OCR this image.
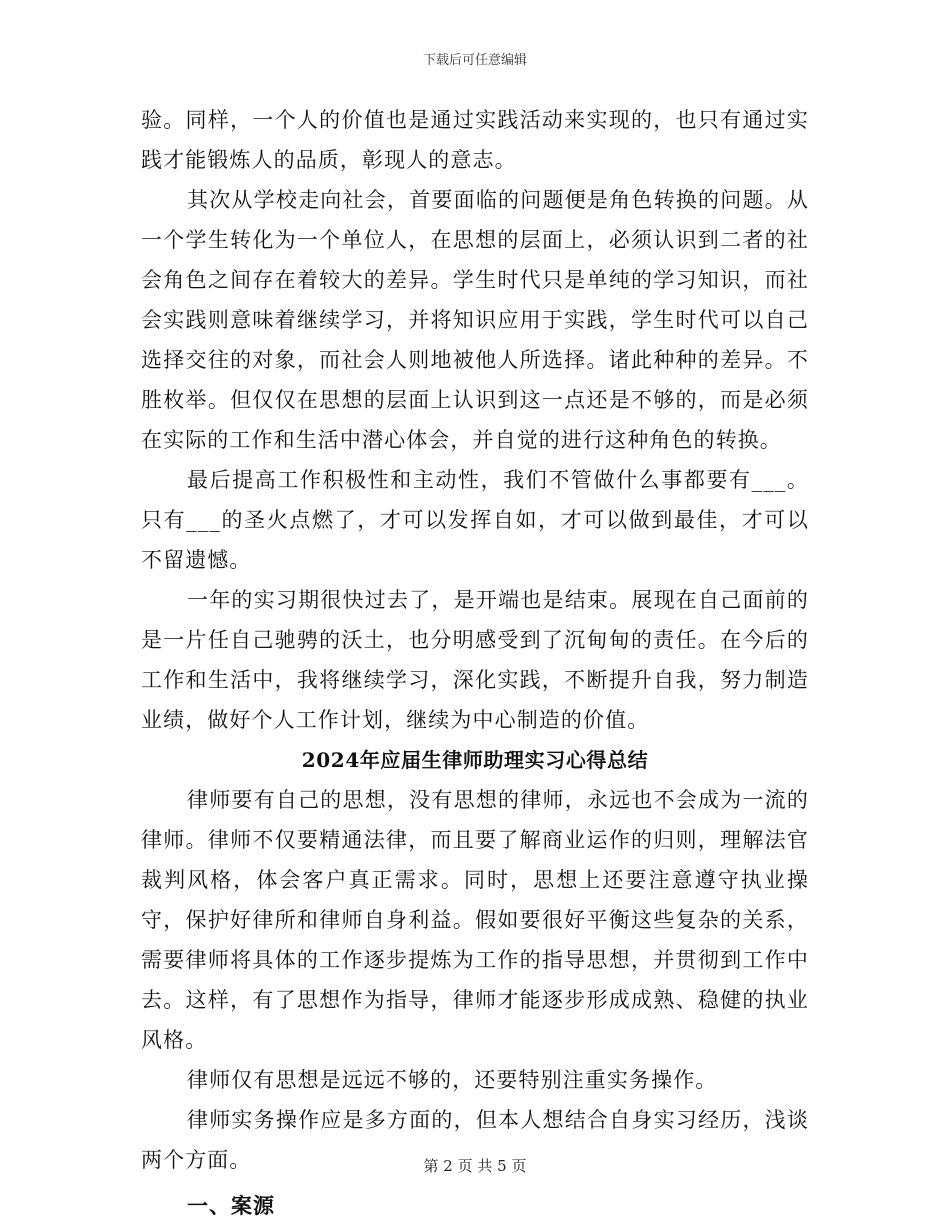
下载后可任意编辑

验。同样，一个人的价值也是通过实践活动来实现的，也只有通过实践才能锻炼人的品质，彰现人的意志。

其次从学校走向社会，首要面临的问题便是角色转换的问题。从一个学生转化为一个单位人，在思想的层面上，必须认识到二者的社会角色之间存在着较大的差异。学生时代只是单纯的学习知识，而社会实践则意味着继续学习，并将知识应用于实践，学生时代可以自己选择交往的对象，而社会人则地被他人所选择。诸此种种的差异。不胜枚举。但仅仅在思想的层面上认识到这一点还是不够的，而是必须在实际的工作和生活中潜心体会，并自觉的进行这种角色的转换。

最后提高工作积极性和主动性，我们不管做什么事都要有___。只有___的圣火点燃了，才可以发挥自如，才可以做到最佳，才可以不留遗憾。

一年的实习期很快过去了，是开端也是结束。展现在自己面前的是一片任自己驰骋的沃土，也分明感受到了沉甸甸的责任。在今后的工作和生活中，我将继续学习，深化实践，不断提升自我，努力制造业绩，做好个人工作计划，继续为中心制造的价值。

2024年应届生律师助理实习心得总结

律师要有自己的思想，没有思想的律师，永远也不会成为一流的律师。律师不仅要精通法律，而且要了解商业运作的归则，理解法官裁判风格，体会客户真正需求。同时，思想上还要注意遵守执业操守，保护好律所和律师自身利益。假如要很好平衡这些复杂的关系，需要律师将具体的工作逐步提炼为工作的指导思想，并贯彻到工作中去。这样，有了思想作为指导，律师才能逐步形成成熟、稳健的执业风格。

律师仅有思想是远远不够的，还要特别注重实务操作。

律师实务操作应是多方面的，但本人想结合自身实习经历，浅谈两个方面。

一、案源
第 2 页 共 5 页
